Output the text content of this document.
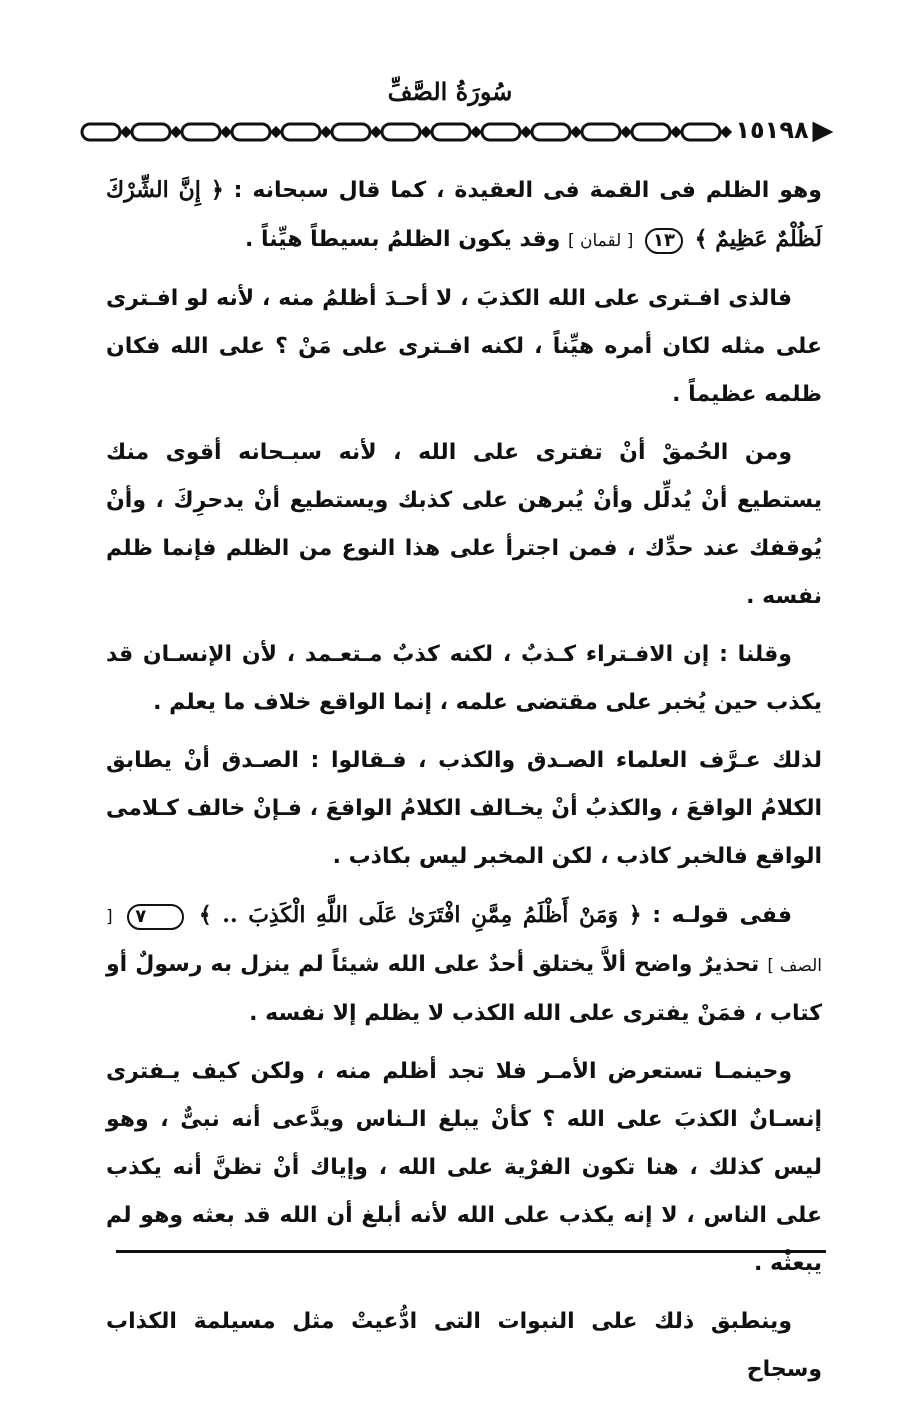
سُورَةُ الصَّفِّ
١٥١٩٨

وهو الظلم فى القمة فى العقيدة ، كما قال سبحانه : ﴿ إِنَّ الشِّرْكَ لَظُلْمٌ عَظِيمٌ ﴾ ١٣ [ لقمان ] وقد يكون الظلمُ بسيطاً هيِّناً .

فالذى افـترى على الله الكذبَ ، لا أحـدَ أظلمُ منه ، لأنه لو افـترى على مثله لكان أمره هيِّناً ، لكنه افـترى على مَنْ ؟ على الله فكان ظلمه عظيماً .

ومن الحُمقْ أنْ تفترى على الله ، لأنه سبـحانه أقوى منك يستطيع أنْ يُدلِّل وأنْ يُبرهن على كذبك ويستطيع أنْ يدحرِكَ ، وأنْ يُوقفك عند حدِّك ، فمن اجترأ على هذا النوع من الظلم فإنما ظلم نفسه .

وقلنا : إن الافـتراء كـذبٌ ، لكنه كذبٌ مـتعـمد ، لأن الإنسـان قد يكذب حين يُخبر على مقتضى علمه ، إنما الواقع خلاف ما يعلم .

لذلك عـرَّف العلماء الصـدق والكذب ، فـقالوا : الصـدق أنْ يطابق الكلامُ الواقعَ ، والكذبُ أنْ يخـالف الكلامُ الواقعَ ، فـإنْ خالف كـلامى الواقع فالخبر كاذب ، لكن المخبر ليس بكاذب .

ففى قولـه : ﴿ وَمَنْ أَظْلَمُ مِمَّنِ افْتَرَىٰ عَلَى اللَّهِ الْكَذِبَ .. ﴾ ٧ [ الصف ] تحذيرٌ واضح ألاَّ يختلق أحدٌ على الله شيئاً لم ينزل به رسولٌ أو كتاب ، فمَنْ يفترى على الله الكذب لا يظلم إلا نفسه .

وحينمـا تستعرض الأمـر فلا تجد أظلم منه ، ولكن كيف يـفترى إنسـانٌ الكذبَ على الله ؟ كأنْ يبلغ الـناس ويدَّعى أنه نبىٌّ ، وهو ليس كذلك ، هنا تكون الفرْية على الله ، وإياك أنْ تظنَّ أنه يكذب على الناس ، لا إنه يكذب على الله لأنه أبلغ أن الله قد بعثه وهو لم يبعثْه .

وينطبق ذلك على النبوات التى ادُّعيتْ مثل مسيلمة الكذاب وسجاح
